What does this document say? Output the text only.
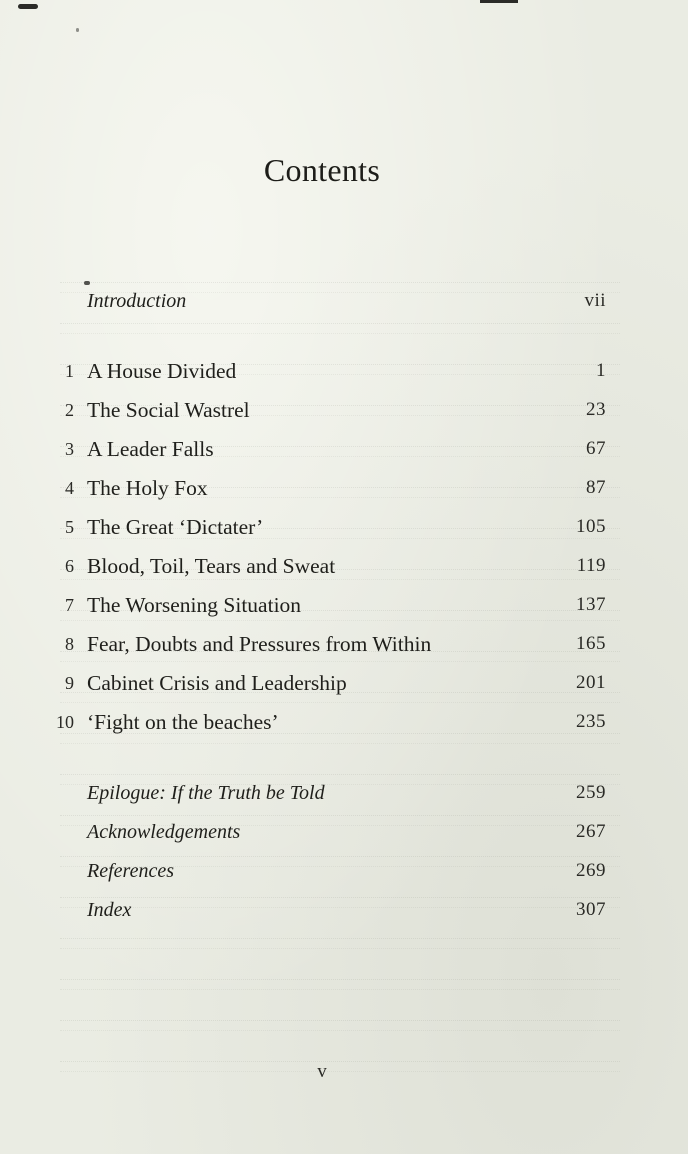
Contents
Introduction	vii
1 A House Divided	1
2 The Social Wastrel	23
3 A Leader Falls	67
4 The Holy Fox	87
5 The Great ‘Dictater’	105
6 Blood, Toil, Tears and Sweat	119
7 The Worsening Situation	137
8 Fear, Doubts and Pressures from Within	165
9 Cabinet Crisis and Leadership	201
10 ‘Fight on the beaches’	235
Epilogue: If the Truth be Told	259
Acknowledgements	267
References	269
Index	307
v
